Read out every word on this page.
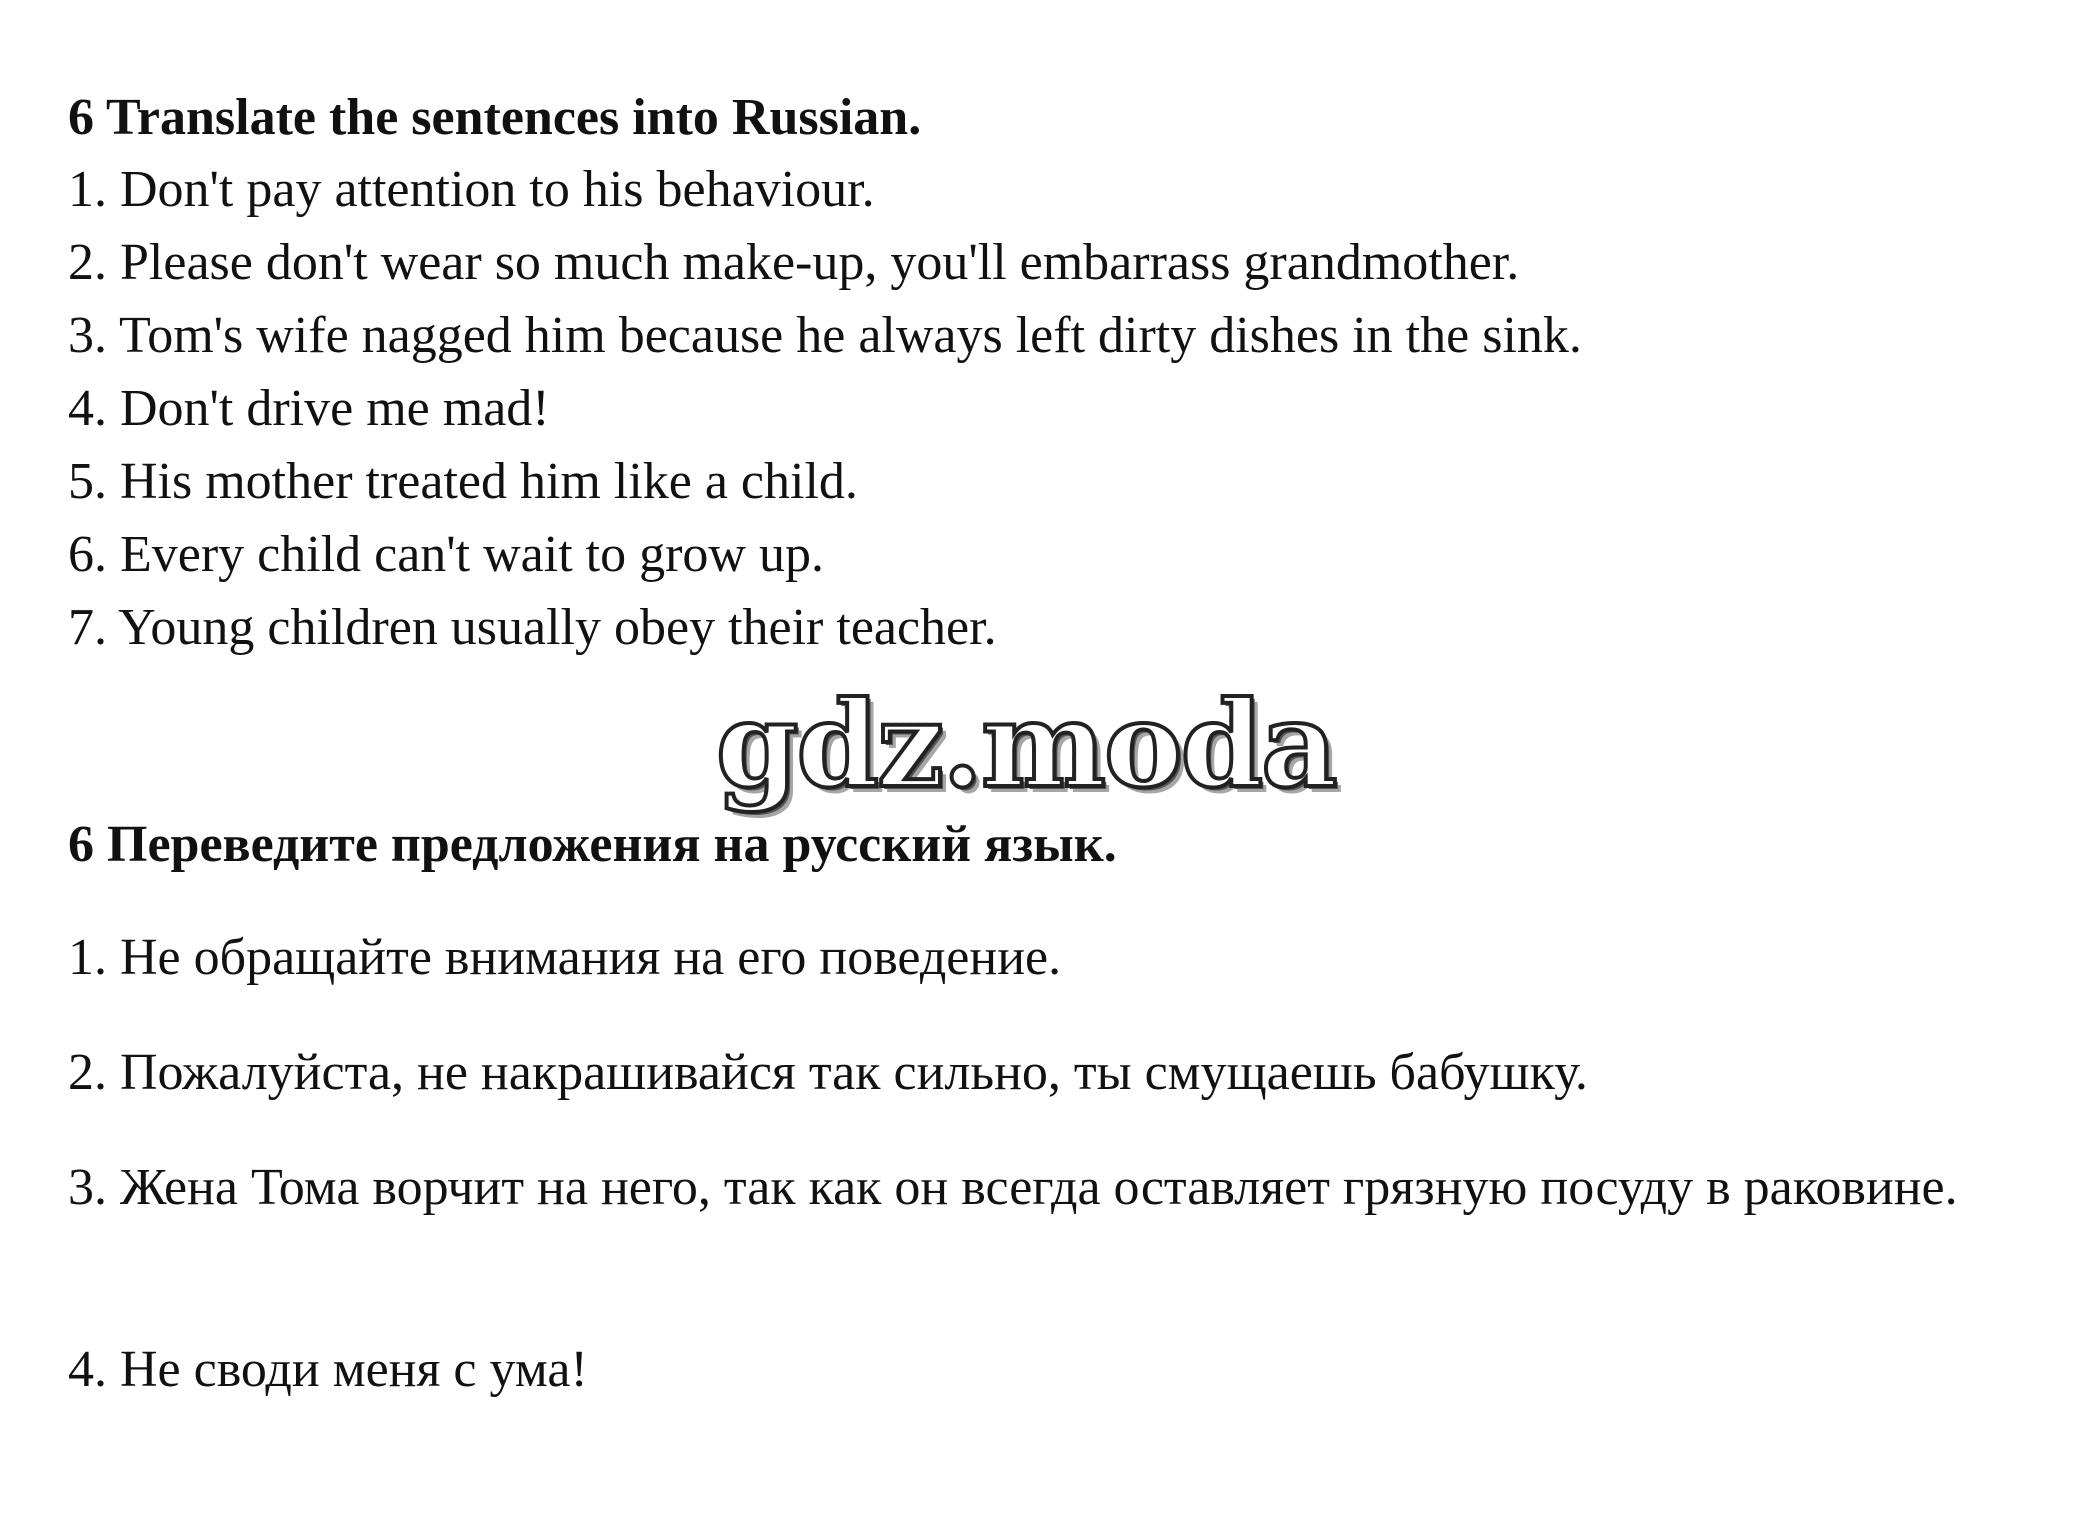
6 Translate the sentences into Russian.
1. Don't pay attention to his behaviour.
2. Please don't wear so much make-up, you'll embarrass grandmother.
3. Tom's wife nagged him because he always left dirty dishes in the sink.
4. Don't drive me mad!
5. His mother treated him like a child.
6. Every child can't wait to grow up.
7. Young children usually obey their teacher.
gdz.moda
6 Переведите предложения на русский язык.
1. Не обращайте внимания на его поведение.
2. Пожалуйста, не накрашивайся так сильно, ты смущаешь бабушку.
3. Жена Тома ворчит на него, так как он всегда оставляет грязную посуду в раковине.
4. Не своди меня с ума!
